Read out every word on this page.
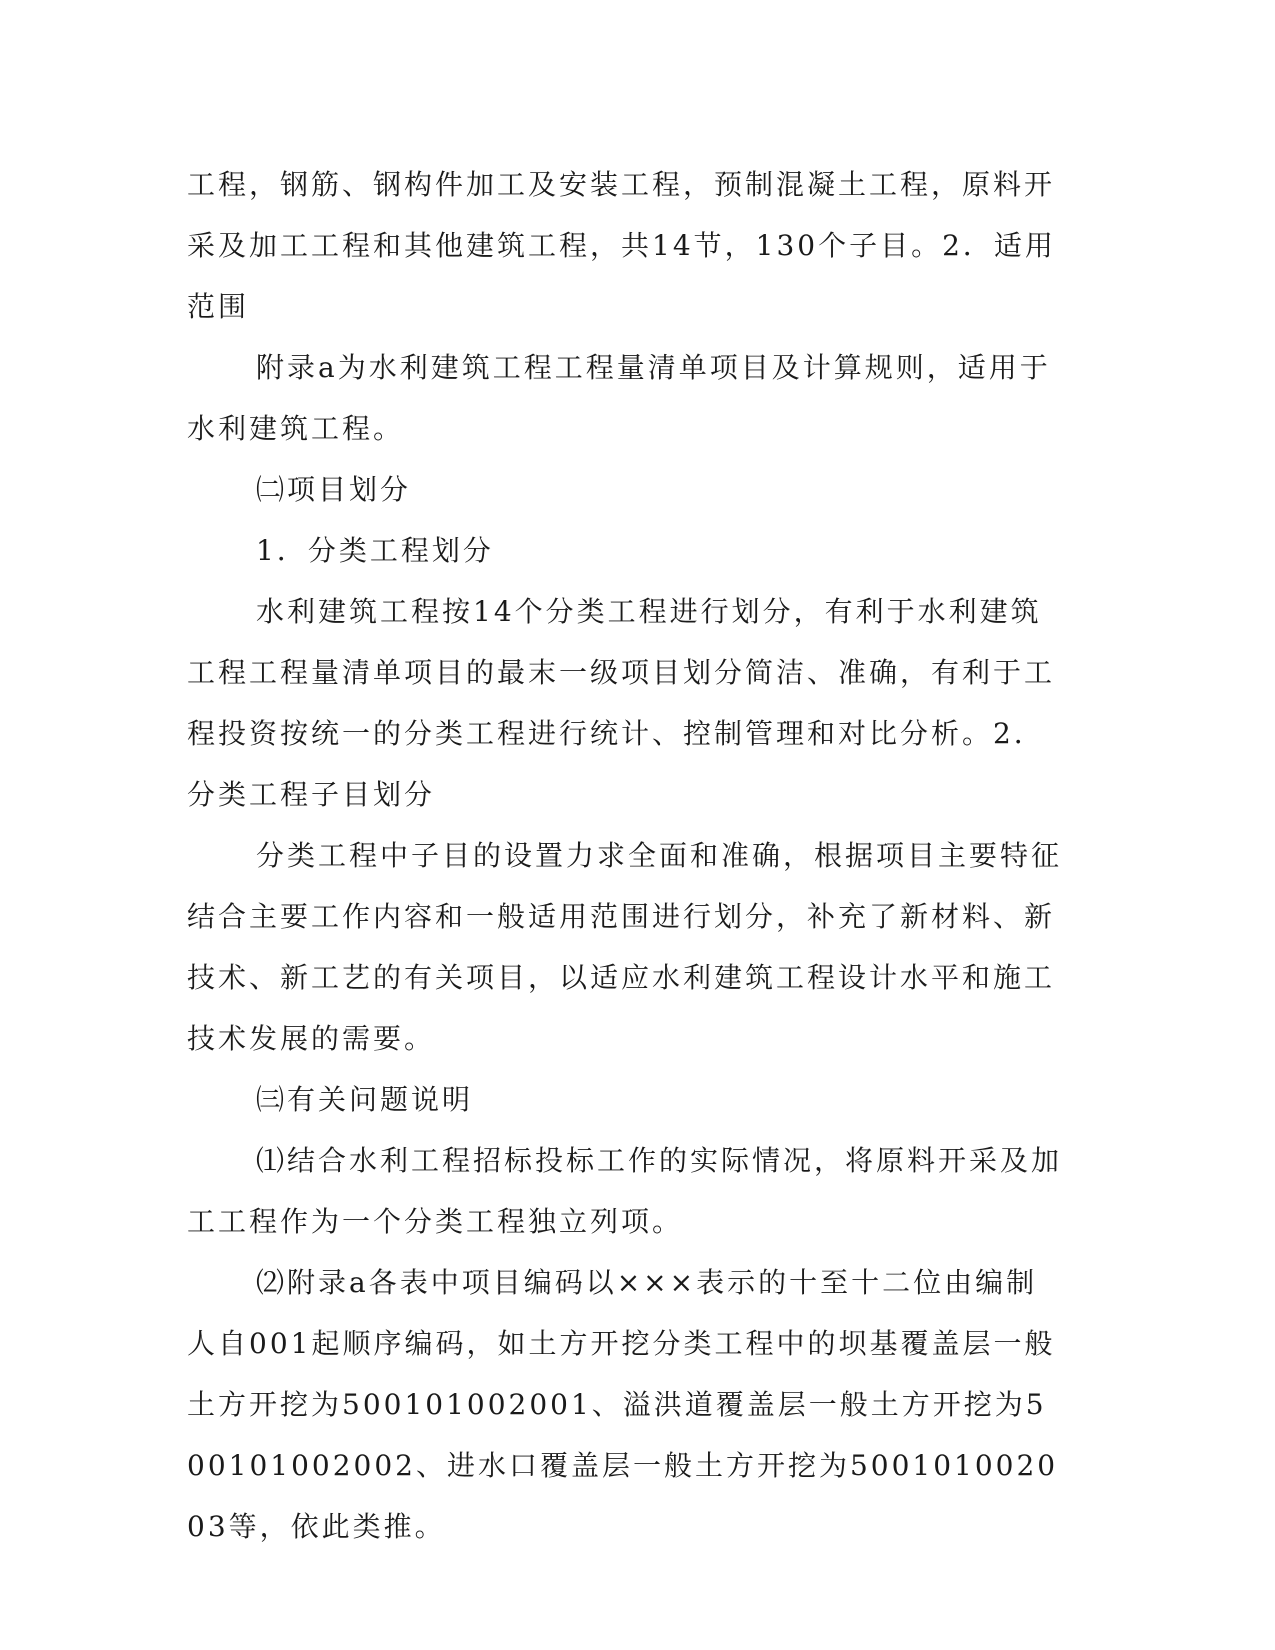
工程，钢筋、钢构件加工及安装工程，预制混凝土工程，原料开采及加工工程和其他建筑工程，共14节，130个子目。2．适用范围

附录a为水利建筑工程工程量清单项目及计算规则，适用于水利建筑工程。

㈡项目划分

1．分类工程划分

水利建筑工程按14个分类工程进行划分，有利于水利建筑工程工程量清单项目的最末一级项目划分简洁、准确，有利于工程投资按统一的分类工程进行统计、控制管理和对比分析。2．分类工程子目划分

分类工程中子目的设置力求全面和准确，根据项目主要特征结合主要工作内容和一般适用范围进行划分，补充了新材料、新技术、新工艺的有关项目，以适应水利建筑工程设计水平和施工技术发展的需要。

㈢有关问题说明

⑴结合水利工程招标投标工作的实际情况，将原料开采及加工工程作为一个分类工程独立列项。

⑵附录a各表中项目编码以×××表示的十至十二位由编制人自001起顺序编码，如土方开挖分类工程中的坝基覆盖层一般土方开挖为500101002001、溢洪道覆盖层一般土方开挖为500101002002、进水口覆盖层一般土方开挖为500101002003等，依此类推。
